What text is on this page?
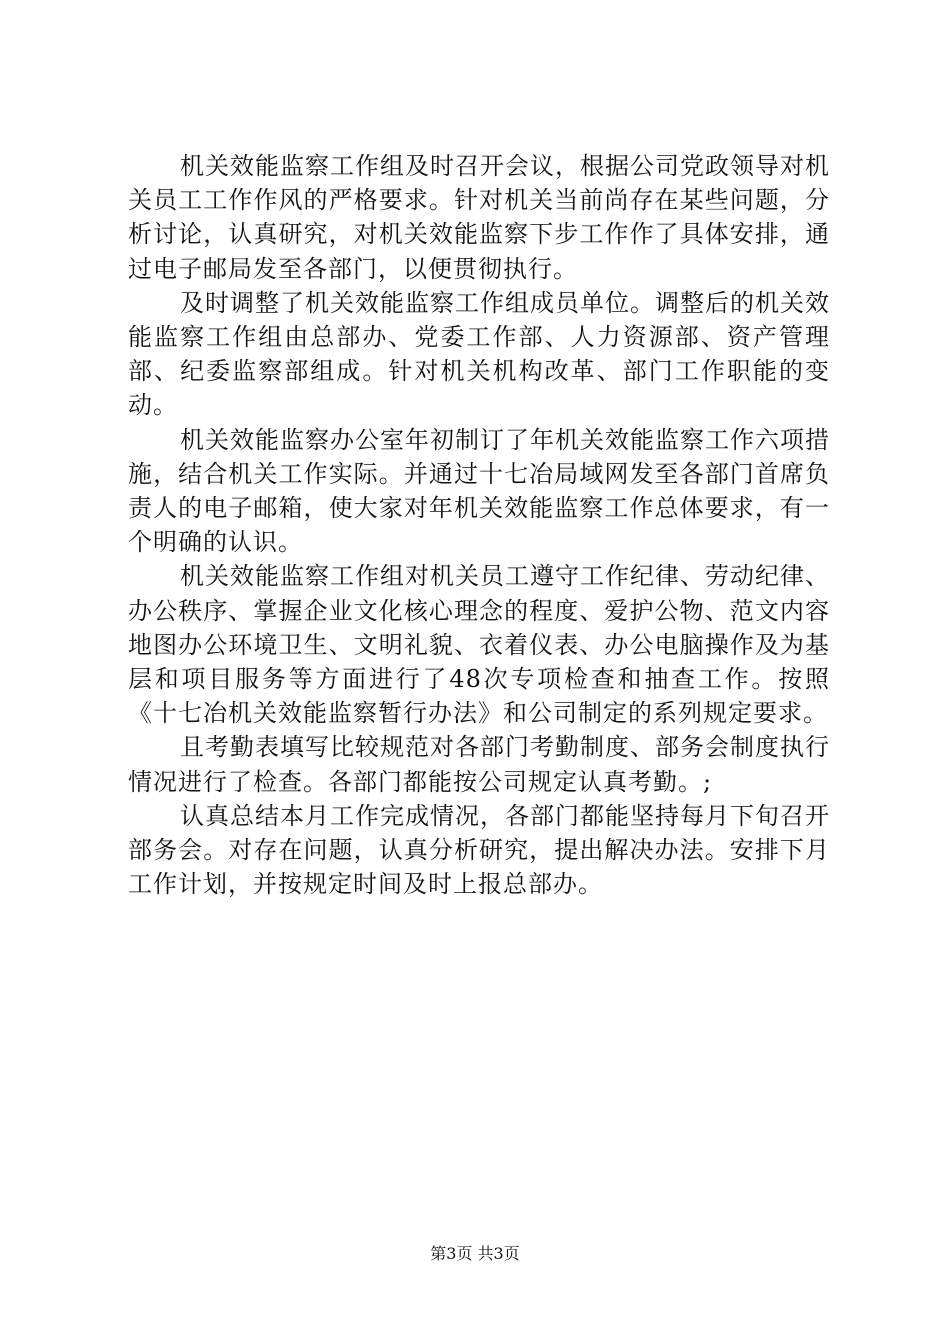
机关效能监察工作组及时召开会议，根据公司党政领导对机关员工工作作风的严格要求。针对机关当前尚存在某些问题，分析讨论，认真研究，对机关效能监察下步工作作了具体安排，通过电子邮局发至各部门，以便贯彻执行。

及时调整了机关效能监察工作组成员单位。调整后的机关效能监察工作组由总部办、党委工作部、人力资源部、资产管理部、纪委监察部组成。针对机关机构改革、部门工作职能的变动。

机关效能监察办公室年初制订了年机关效能监察工作六项措施，结合机关工作实际。并通过十七冶局域网发至各部门首席负责人的电子邮箱，使大家对年机关效能监察工作总体要求，有一个明确的认识。

机关效能监察工作组对机关员工遵守工作纪律、劳动纪律、办公秩序、掌握企业文化核心理念的程度、爱护公物、范文内容地图办公环境卫生、文明礼貌、衣着仪表、办公电脑操作及为基层和项目服务等方面进行了48次专项检查和抽查工作。按照《十七冶机关效能监察暂行办法》和公司制定的系列规定要求。

且考勤表填写比较规范对各部门考勤制度、部务会制度执行情况进行了检查。各部门都能按公司规定认真考勤。;

认真总结本月工作完成情况，各部门都能坚持每月下旬召开部务会。对存在问题，认真分析研究，提出解决办法。安排下月工作计划，并按规定时间及时上报总部办。

第3页 共3页
